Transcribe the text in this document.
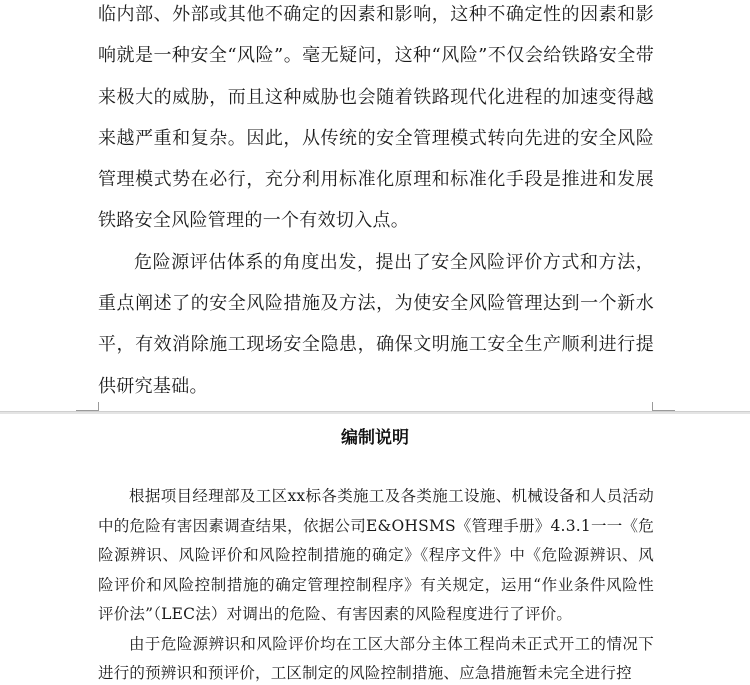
临内部、外部或其他不确定的因素和影响，这种不确定性的因素和影响就是一种安全“风险”。毫无疑问，这种“风险”不仅会给铁路安全带来极大的威胁，而且这种威胁也会随着铁路现代化进程的加速变得越来越严重和复杂。因此，从传统的安全管理模式转向先进的安全风险管理模式势在必行，充分利用标准化原理和标准化手段是推进和发展铁路安全风险管理的一个有效切入点。

危险源评估体系的角度出发，提出了安全风险评价方式和方法，重点阐述了的安全风险措施及方法，为使安全风险管理达到一个新水平，有效消除施工现场安全隐患，确保文明施工安全生产顺利进行提供研究基础。

编制说明

根据项目经理部及工区xx标各类施工及各类施工设施、机械设备和人员活动中的危险有害因素调查结果，依据公司E&OHSMS《管理手册》4.3.1一一《危险源辨识、风险评价和风险控制措施的确定》《程序文件》中《危险源辨识、风险评价和风险控制措施的确定管理控制程序》有关规定，运用“作业条件风险性评价法”（LEC法）对调出的危险、有害因素的风险程度进行了评价。

由于危险源辨识和风险评价均在工区大部分主体工程尚未正式开工的情况下进行的预辨识和预评价，工区制定的风险控制措施、应急措施暂未完全进行控
